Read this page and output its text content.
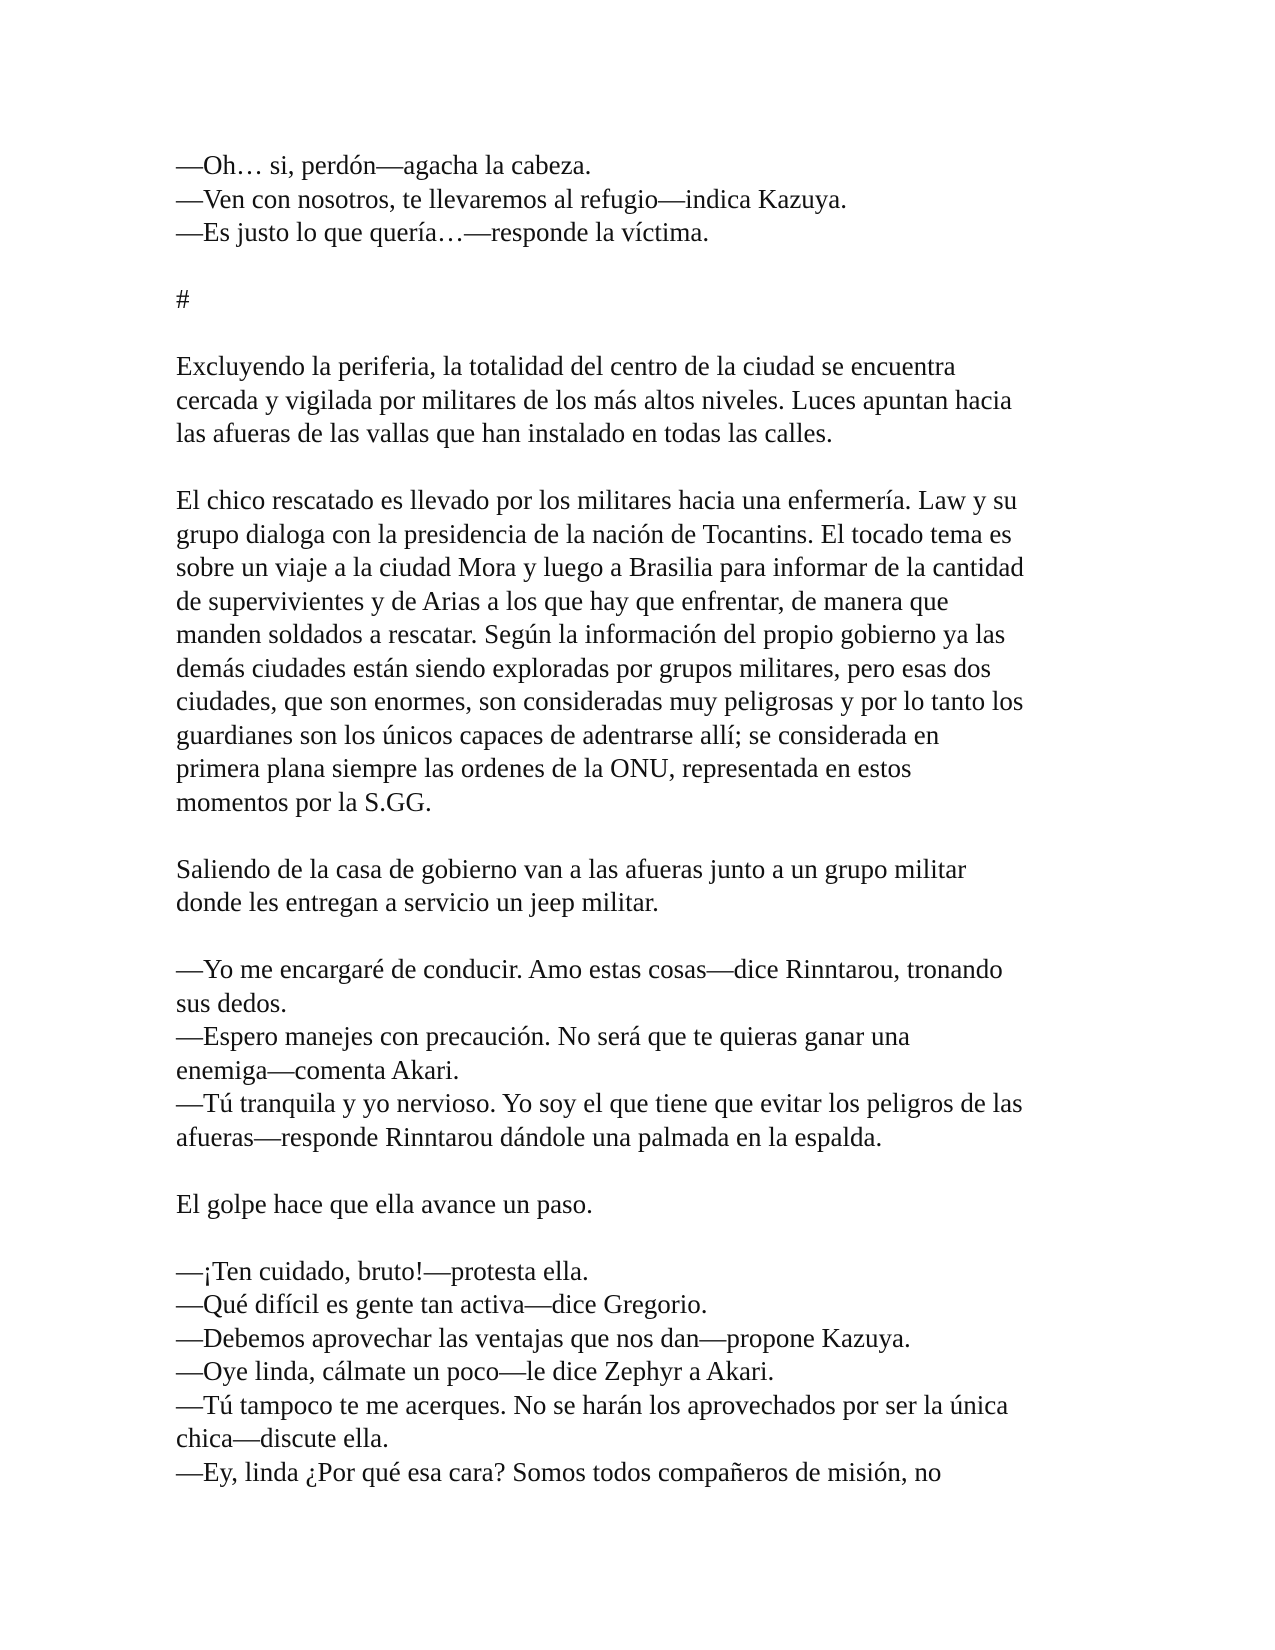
—Oh… si, perdón—agacha la cabeza.
—Ven con nosotros, te llevaremos al refugio—indica Kazuya.
—Es justo lo que quería…—responde la víctima.
#
Excluyendo la periferia, la totalidad del centro de la ciudad se encuentra
cercada y vigilada por militares de los más altos niveles. Luces apuntan hacia
las afueras de las vallas que han instalado en todas las calles.
El chico rescatado es llevado por los militares hacia una enfermería. Law y su
grupo dialoga con la presidencia de la nación de Tocantins. El tocado tema es
sobre un viaje a la ciudad Mora y luego a Brasilia para informar de la cantidad
de supervivientes y de Arias a los que hay que enfrentar, de manera que
manden soldados a rescatar. Según la información del propio gobierno ya las
demás ciudades están siendo exploradas por grupos militares, pero esas dos
ciudades, que son enormes, son consideradas muy peligrosas y por lo tanto los
guardianes son los únicos capaces de adentrarse allí; se considerada en
primera plana siempre las ordenes de la ONU, representada en estos
momentos por la S.GG.
Saliendo de la casa de gobierno van a las afueras junto a un grupo militar
donde les entregan a servicio un jeep militar.
—Yo me encargaré de conducir. Amo estas cosas—dice Rinntarou, tronando
sus dedos.
—Espero manejes con precaución. No será que te quieras ganar una
enemiga—comenta Akari.
—Tú tranquila y yo nervioso. Yo soy el que tiene que evitar los peligros de las
afueras—responde Rinntarou dándole una palmada en la espalda.
El golpe hace que ella avance un paso.
—¡Ten cuidado, bruto!—protesta ella.
—Qué difícil es gente tan activa—dice Gregorio.
—Debemos aprovechar las ventajas que nos dan—propone Kazuya.
—Oye linda, cálmate un poco—le dice Zephyr a Akari.
—Tú tampoco te me acerques. No se harán los aprovechados por ser la única
chica—discute ella.
—Ey, linda ¿Por qué esa cara? Somos todos compañeros de misión, no
